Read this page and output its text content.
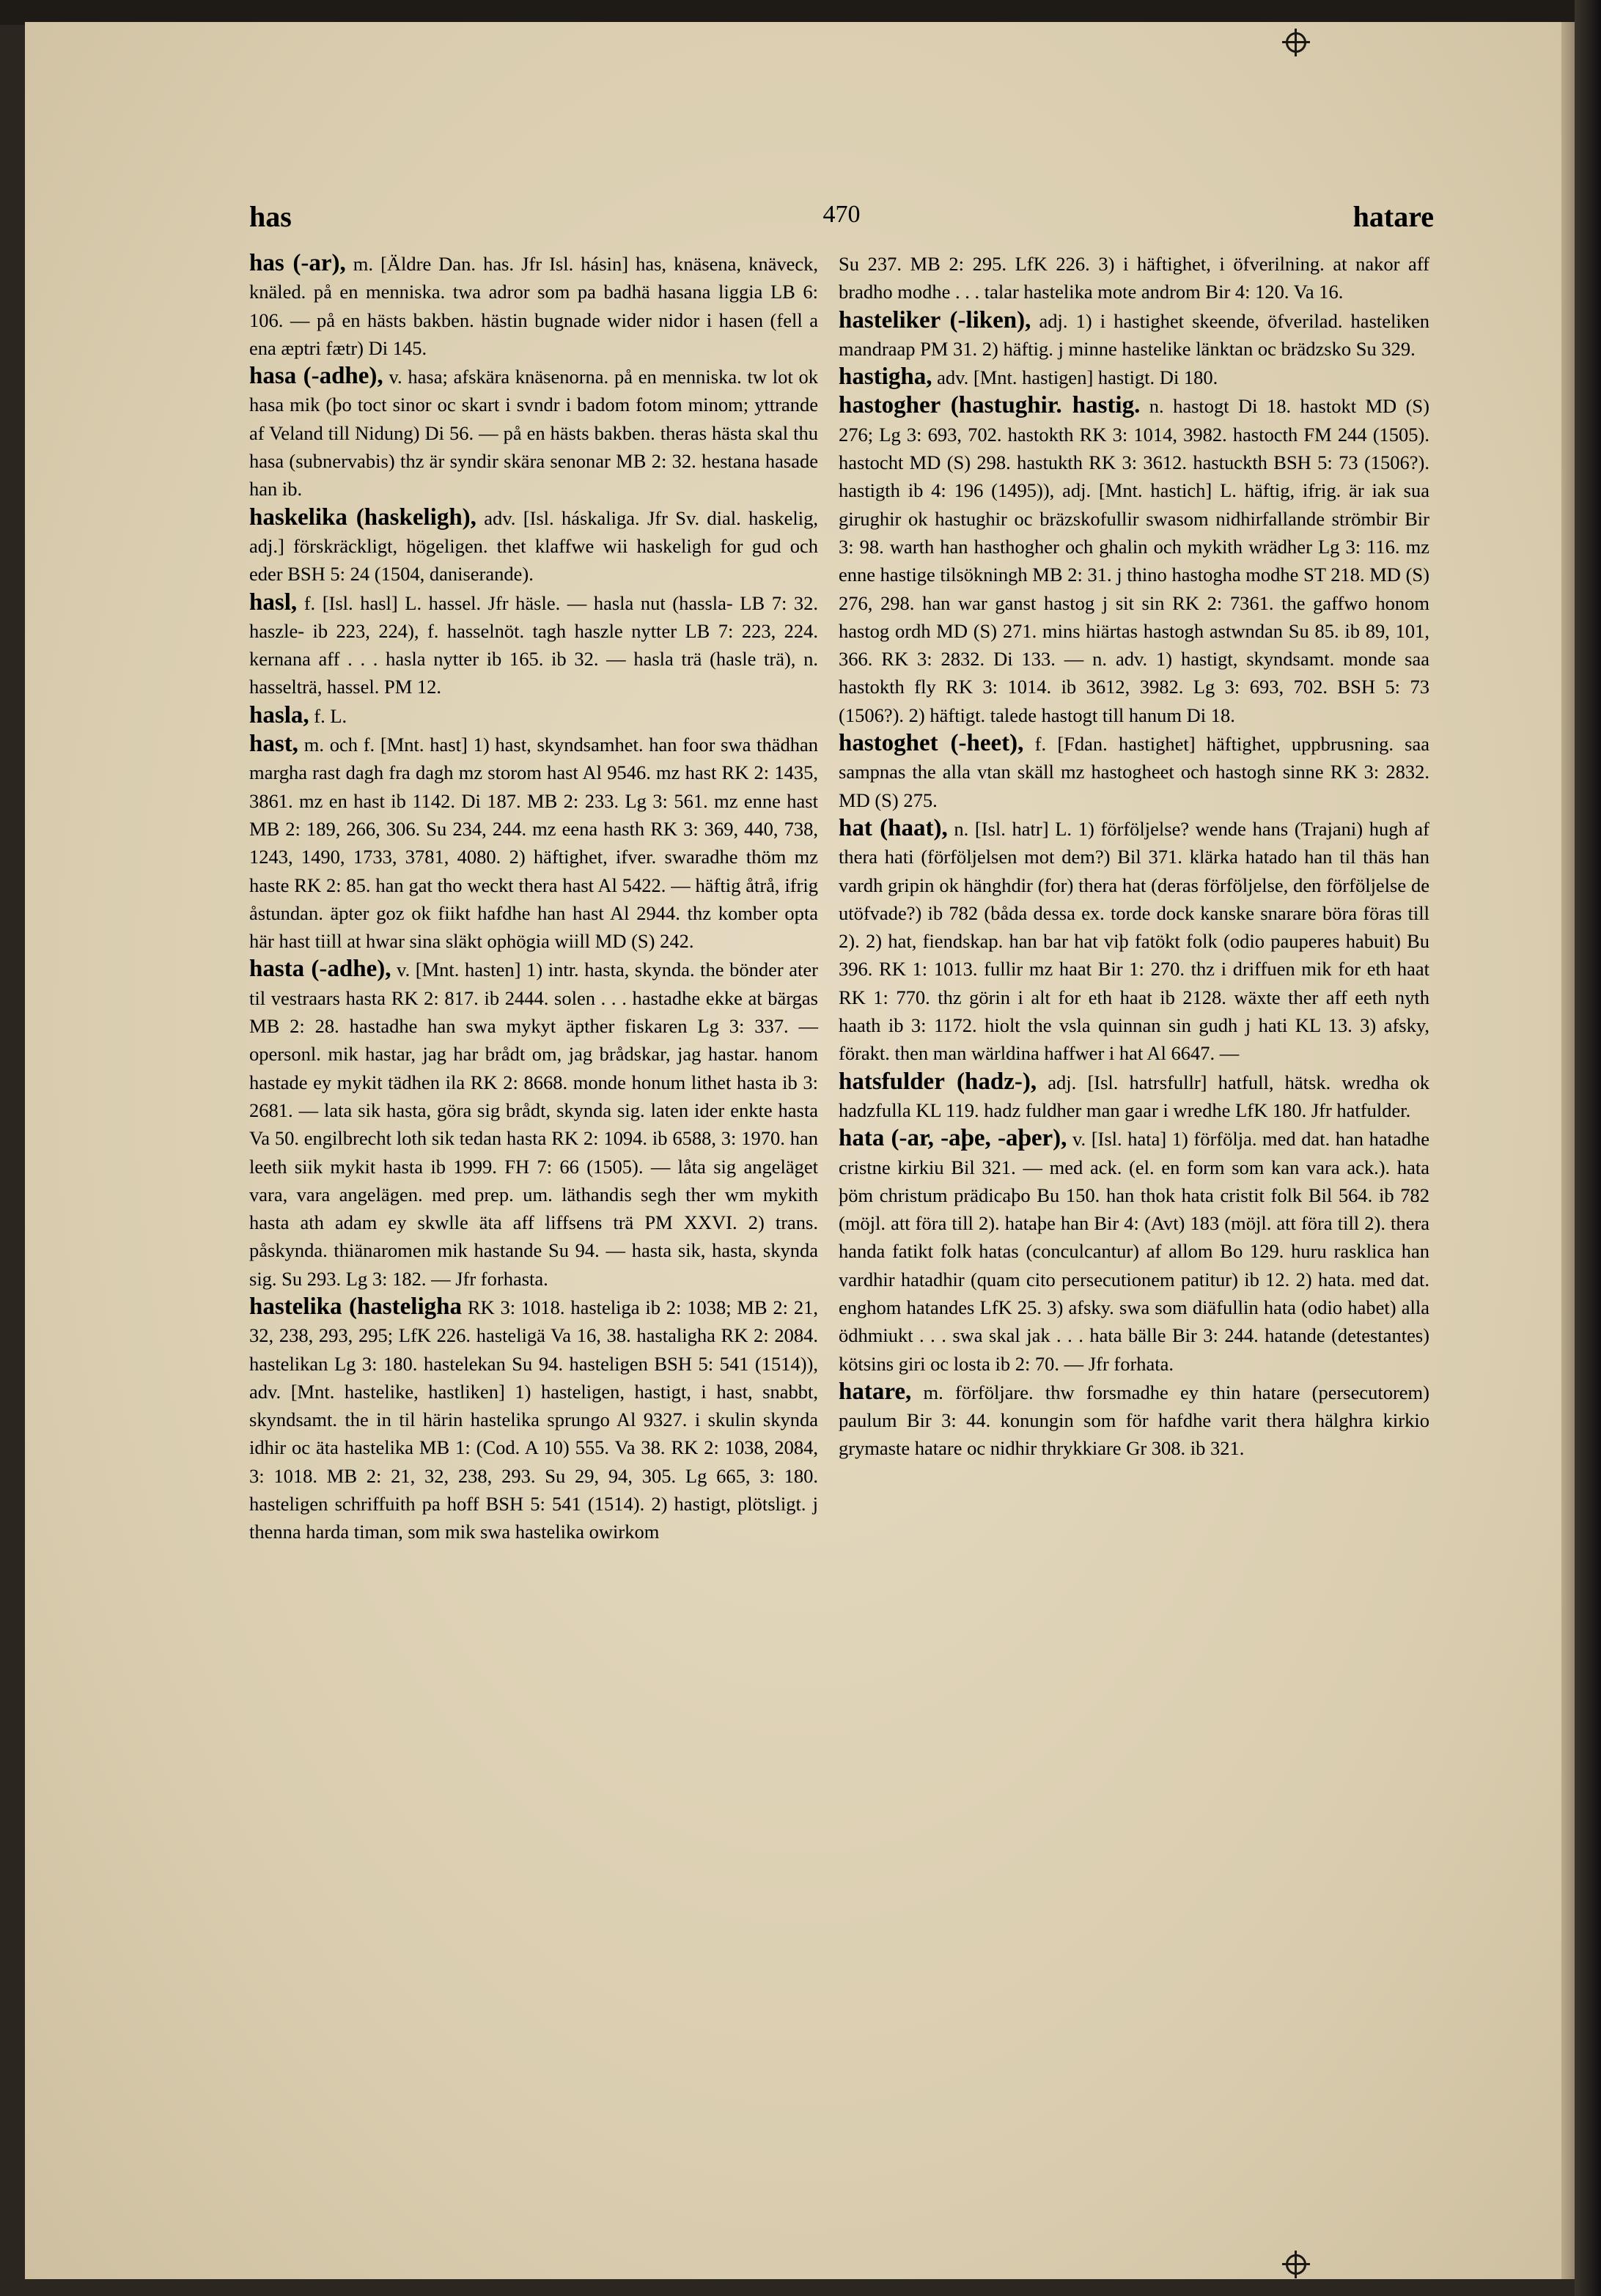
has	470	hatare

has (-ar), m. [Äldre Dan. has. Jfr Isl. hásin] has, knäsena, knäveck, knäled. på en menniska. twa adror som pa badhä hasana liggia LB 6: 106. — på en hästs bakben. hästin bugnade wider nidor i hasen (fell a ena æptri fætr) Di 145.

hasa (-adhe), v. hasa; afskära knäsenorna. på en menniska. tw lot ok hasa mik (þo toct sinor oc skart i svndr i badom fotom minom; yttrande af Veland till Nidung) Di 56. — på en hästs bakben. theras hästa skal thu hasa (subnervabis) thz är syndir skära senonar MB 2: 32. hestana hasade han ib.

haskelika (haskeligh), adv. [Isl. háskaliga. Jfr Sv. dial. haskelig, adj.] förskräckligt, högeligen. thet klaffwe wii haskeligh for gud och eder BSH 5: 24 (1504, daniserande).

hasl, f. [Isl. hasl] L. hassel. Jfr häsle. — hasla nut (hassla- LB 7: 32. haszle- ib 223, 224), f. hasselnöt. tagh haszle nytter LB 7: 223, 224. kernana aff . . . hasla nytter ib 165. ib 32. — hasla trä (hasle trä), n. hasselträ, hassel. PM 12.

hasla, f. L.

hast, m. och f. [Mnt. hast] 1) hast, skyndsamhet. han foor swa thädhan margha rast dagh fra dagh mz storom hast Al 9546. mz hast RK 2: 1435, 3861. mz en hast ib 1142. Di 187. MB 2: 233. Lg 3: 561. mz enne hast MB 2: 189, 266, 306. Su 234, 244. mz eena hasth RK 3: 369, 440, 738, 1243, 1490, 1733, 3781, 4080. 2) häftighet, ifver. swaradhe thöm mz haste RK 2: 85. han gat tho weckt thera hast Al 5422. — häftig åtrå, ifrig åstundan. äpter goz ok fiikt hafdhe han hast Al 2944. thz komber opta här hast tiill at hwar sina släkt ophögia wiill MD (S) 242.

hasta (-adhe), v. [Mnt. hasten] 1) intr. hasta, skynda. the bönder ater til vestraars hasta RK 2: 817. ib 2444. solen . . . hastadhe ekke at bärgas MB 2: 28. hastadhe han swa mykyt äpther fiskaren Lg 3: 337. — opersonl. mik hastar, jag har brådt om, jag brådskar, jag hastar. hanom hastade ey mykit tädhen ila RK 2: 8668. monde honum lithet hasta ib 3: 2681. — lata sik hasta, göra sig brådt, skynda sig. laten ider enkte hasta Va 50. engilbrecht loth sik tedan hasta RK 2: 1094. ib 6588, 3: 1970. han leeth siik mykit hasta ib 1999. FH 7: 66 (1505). — låta sig angeläget vara, vara angelägen. med prep. um. läthandis segh ther wm mykith hasta ath adam ey skwlle äta aff liffsens trä PM XXVI. 2) trans. påskynda. thiänaromen mik hastande Su 94. — hasta sik, hasta, skynda sig. Su 293. Lg 3: 182. — Jfr forhasta.

hastelika (hasteligha RK 3: 1018. hasteliga ib 2: 1038; MB 2: 21, 32, 238, 293, 295; LfK 226. hasteligä Va 16, 38. hastaligha RK 2: 2084. hastelikan Lg 3: 180. hastelekan Su 94. hasteligen BSH 5: 541 (1514)), adv. [Mnt. hastelike, hastliken] 1) hasteligen, hastigt, i hast, snabbt, skyndsamt. the in til härin hastelika sprungo Al 9327. i skulin skynda idhir oc äta hastelika MB 1: (Cod. A 10) 555. Va 38. RK 2: 1038, 2084, 3: 1018. MB 2: 21, 32, 238, 293. Su 29, 94, 305. Lg 665, 3: 180. hasteligen schriffuith pa hoff BSH 5: 541 (1514). 2) hastigt, plötsligt. j thenna harda timan, som mik swa hastelika owirkom

Su 237. MB 2: 295. LfK 226. 3) i häftighet, i öfverilning. at nakor aff bradho modhe . . . talar hastelika mote androm Bir 4: 120. Va 16.

hasteliker (-liken), adj. 1) i hastighet skeende, öfverilad. hasteliken mandraap PM 31. 2) häftig. j minne hastelike länktan oc brädzsko Su 329.

hastigha, adv. [Mnt. hastigen] hastigt. Di 180.

hastogher (hastughir. hastig. n. hastogt Di 18. hastokt MD (S) 276; Lg 3: 693, 702. hastokth RK 3: 1014, 3982. hastocth FM 244 (1505). hastocht MD (S) 298. hastukth RK 3: 3612. hastuckth BSH 5: 73 (1506?). hastigth ib 4: 196 (1495)), adj. [Mnt. hastich] L. häftig, ifrig. är iak sua girughir ok hastughir oc bräzskofullir swasom nidhirfallande strömbir Bir 3: 98. warth han hasthogher och ghalin och mykith wrädher Lg 3: 116. mz enne hastige tilsökningh MB 2: 31. j thino hastogha modhe ST 218. MD (S) 276, 298. han war ganst hastog j sit sin RK 2: 7361. the gaffwo honom hastog ordh MD (S) 271. mins hiärtas hastogh astwndan Su 85. ib 89, 101, 366. RK 3: 2832. Di 133. — n. adv. 1) hastigt, skyndsamt. monde saa hastokth fly RK 3: 1014. ib 3612, 3982. Lg 3: 693, 702. BSH 5: 73 (1506?). 2) häftigt. talede hastogt till hanum Di 18.

hastoghet (-heet), f. [Fdan. hastighet] häftighet, uppbrusning. saa sampnas the alla vtan skäll mz hastogheet och hastogh sinne RK 3: 2832. MD (S) 275.

hat (haat), n. [Isl. hatr] L. 1) förföljelse? wende hans (Trajani) hugh af thera hati (förföljelsen mot dem?) Bil 371. klärka hatado han til thäs han vardh gripin ok hänghdir (for) thera hat (deras förföljelse, den förföljelse de utöfvade?) ib 782 (båda dessa ex. torde dock kanske snarare böra föras till 2). 2) hat, fiendskap. han bar hat viþ fatökt folk (odio pauperes habuit) Bu 396. RK 1: 1013. fullir mz haat Bir 1: 270. thz i driffuen mik for eth haat RK 1: 770. thz görin i alt for eth haat ib 2128. wäxte ther aff eeth nyth haath ib 3: 1172. hiolt the vsla quinnan sin gudh j hati KL 13. 3) afsky, förakt. then man wärldina haffwer i hat Al 6647. —

hatsfulder (hadz-), adj. [Isl. hatrsfullr] hatfull, hätsk. wredha ok hadzfulla KL 119. hadz fuldher man gaar i wredhe LfK 180. Jfr hatfulder.

hata (-ar, -aþe, -aþer), v. [Isl. hata] 1) förfölja. med dat. han hatadhe cristne kirkiu Bil 321. — med ack. (el. en form som kan vara ack.). hata þöm christum prädicaþo Bu 150. han thok hata cristit folk Bil 564. ib 782 (möjl. att föra till 2). hataþe han Bir 4: (Avt) 183 (möjl. att föra till 2). thera handa fatikt folk hatas (conculcantur) af allom Bo 129. huru rasklica han vardhir hatadhir (quam cito persecutionem patitur) ib 12. 2) hata. med dat. enghom hatandes LfK 25. 3) afsky. swa som diäfullin hata (odio habet) alla ödhmiukt . . . swa skal jak . . . hata bälle Bir 3: 244. hatande (detestantes) kötsins giri oc losta ib 2: 70. — Jfr forhata.

hatare, m. förföljare. thw forsmadhe ey thin hatare (persecutorem) paulum Bir 3: 44. konungin som för hafdhe varit thera hälghra kirkio grymaste hatare oc nidhir thrykkiare Gr 308. ib 321.
